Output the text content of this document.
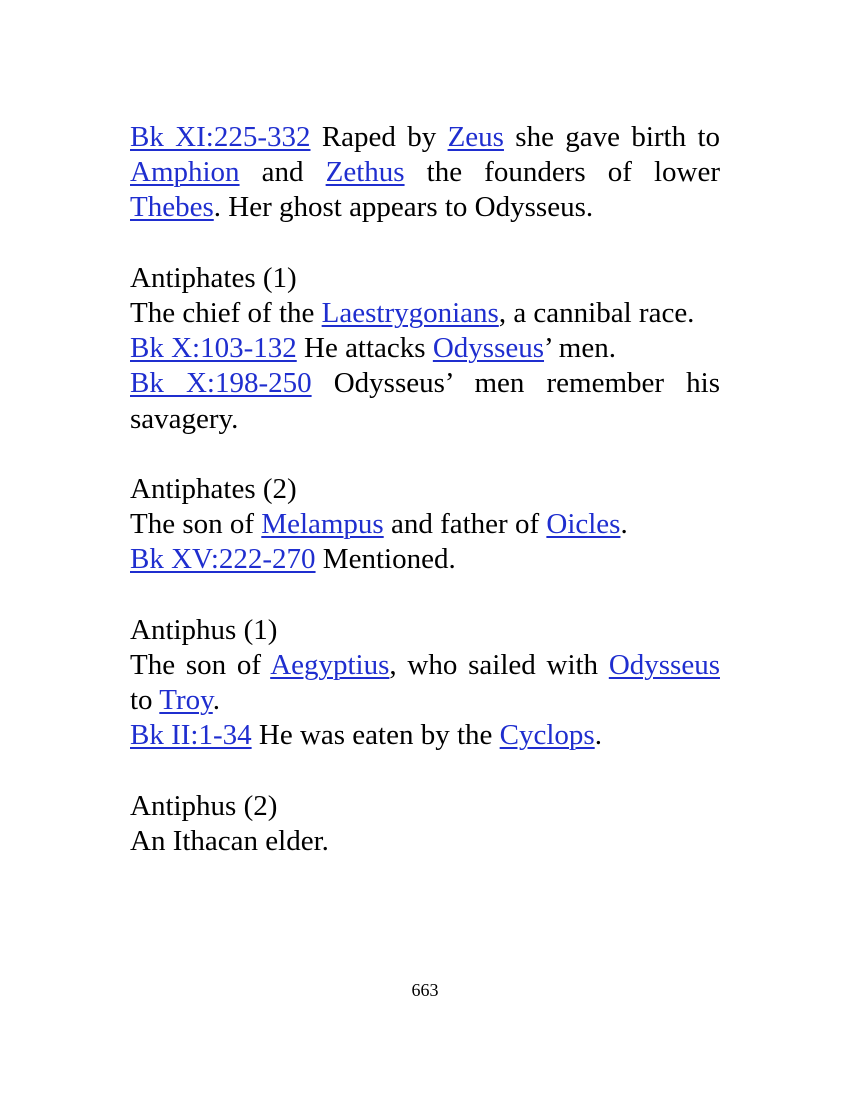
Bk XI:225-332 Raped by Zeus she gave birth to Amphion and Zethus the founders of lower Thebes. Her ghost appears to Odysseus.
Antiphates (1)
The chief of the Laestrygonians, a cannibal race.
Bk X:103-132 He attacks Odysseus’ men.
Bk X:198-250 Odysseus’ men remember his savagery.
Antiphates (2)
The son of Melampus and father of Oicles.
Bk XV:222-270 Mentioned.
Antiphus (1)
The son of Aegyptius, who sailed with Odysseus to Troy.
Bk II:1-34 He was eaten by the Cyclops.
Antiphus (2)
An Ithacan elder.
663
